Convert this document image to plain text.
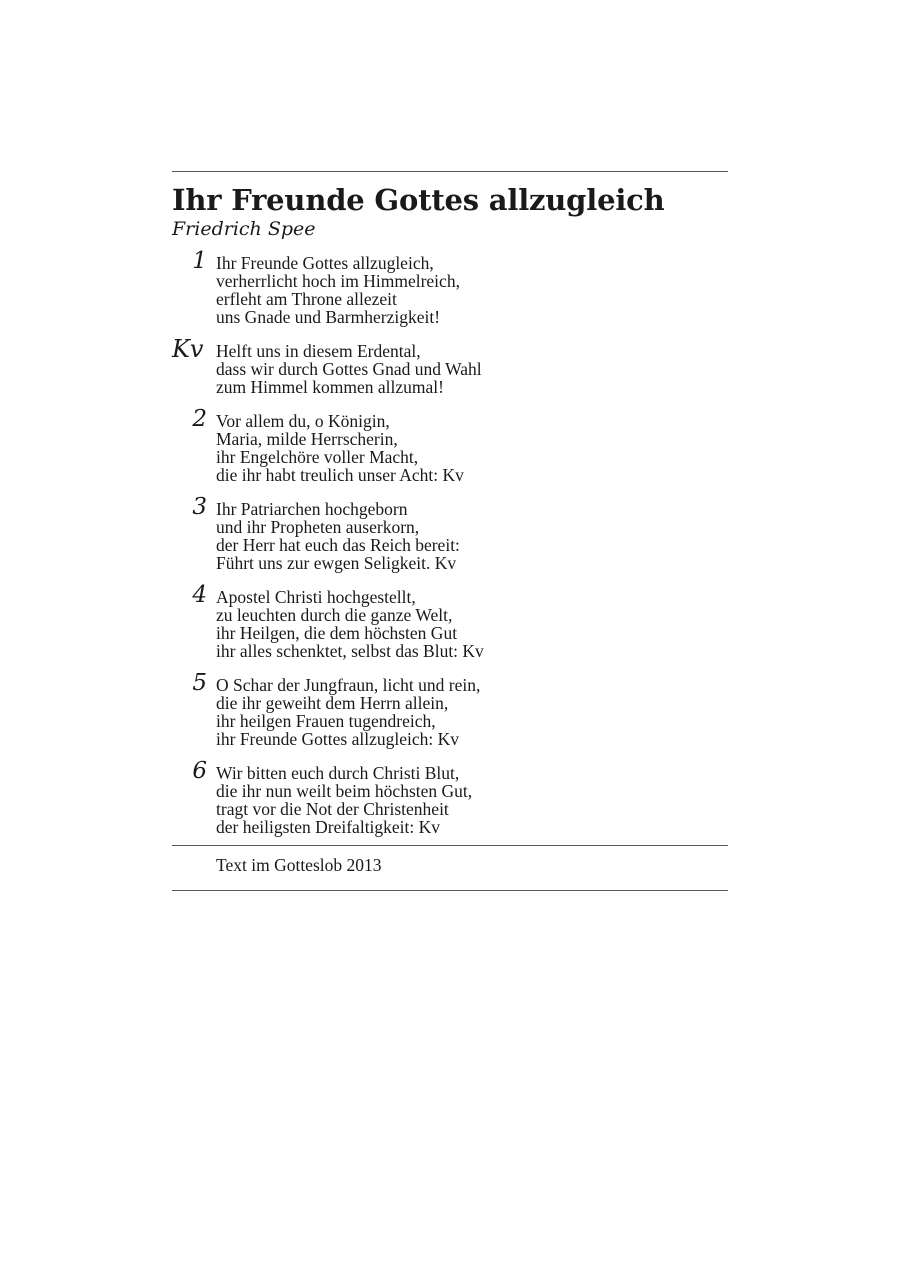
Ihr Freunde Gottes allzugleich

Friedrich Spee

1 Ihr Freunde Gottes allzugleich,
verherrlicht hoch im Himmelreich,
erfleht am Throne allezeit
uns Gnade und Barmherzigkeit!
Kv Helft uns in diesem Erdental,
dass wir durch Gottes Gnad und Wahl
zum Himmel kommen allzumal!
2 Vor allem du, o Königin,
Maria, milde Herrscherin,
ihr Engelchöre voller Macht,
die ihr habt treulich unser Acht: Kv
3 Ihr Patriarchen hochgeborn
und ihr Propheten auserkorn,
der Herr hat euch das Reich bereit:
Führt uns zur ewgen Seligkeit. Kv
4 Apostel Christi hochgestellt,
zu leuchten durch die ganze Welt,
ihr Heilgen, die dem höchsten Gut
ihr alles schenktet, selbst das Blut: Kv
5 O Schar der Jungfraun, licht und rein,
die ihr geweiht dem Herrn allein,
ihr heilgen Frauen tugendreich,
ihr Freunde Gottes allzugleich: Kv
6 Wir bitten euch durch Christi Blut,
die ihr nun weilt beim höchsten Gut,
tragt vor die Not der Christenheit
der heiligsten Dreifaltigkeit: Kv

Text im Gotteslob 2013
